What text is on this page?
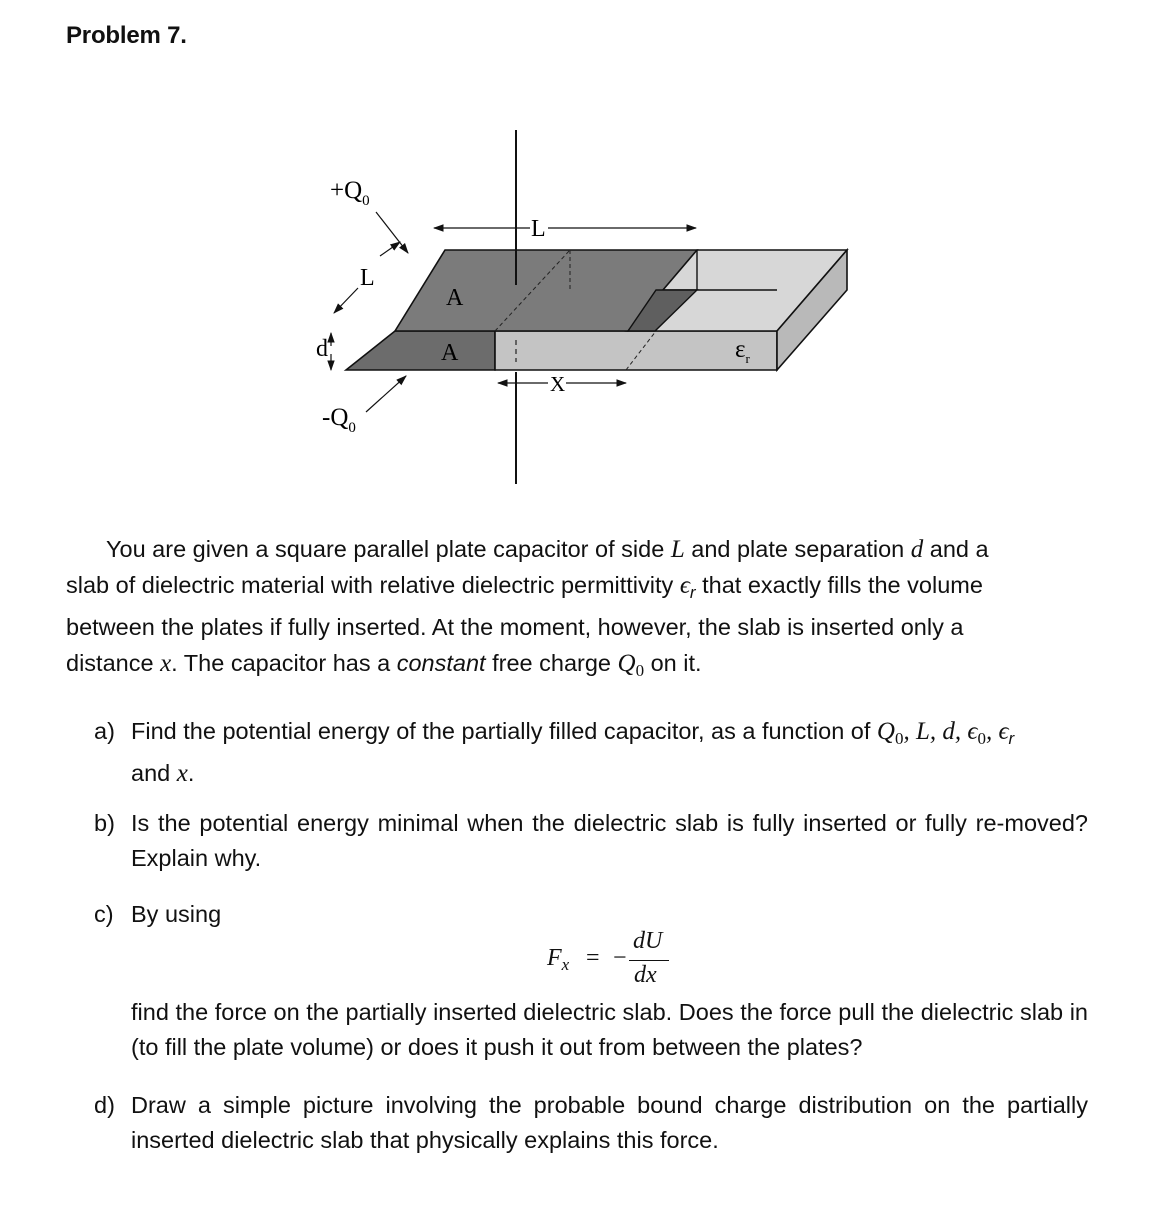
Problem 7.
L
L
A
A
d
$+Q_0$
$-Q_0$
X
$\varepsilon_r$
You are given a square parallel plate capacitor of side L and plate separation d and a
slab of dielectric material with relative dielectric permittivity $\epsilon_r$ that exactly fills the volume
between the plates if fully inserted. At the moment, however, the slab is inserted only a
distance x. The capacitor has a constant free charge $Q_0$ on it.
a) Find the potential energy of the partially filled capacitor, as a function of $Q_0$, L, d, $\epsilon_0$, $\epsilon_r$
and x.
b) Is the potential energy minimal when the dielectric slab is fully inserted or fully re-moved? Explain why.
c) By using
$F_x$ = −
dU
dx
find the force on the partially inserted dielectric slab. Does the force pull the dielectric slab in (to fill the plate volume) or does it push it out from between the plates?
d) Draw a simple picture involving the probable bound charge distribution on the partially inserted dielectric slab that physically explains this force.
